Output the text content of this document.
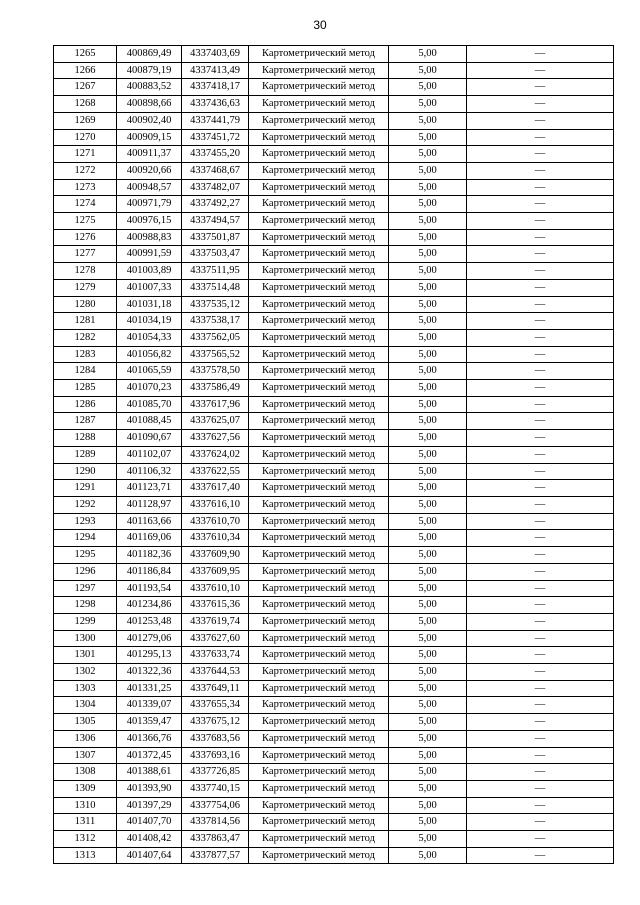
30
1265	400869,49	4337403,69	Картометрический метод	5,00	—
1266	400879,19	4337413,49	Картометрический метод	5,00	—
1267	400883,52	4337418,17	Картометрический метод	5,00	—
1268	400898,66	4337436,63	Картометрический метод	5,00	—
1269	400902,40	4337441,79	Картометрический метод	5,00	—
1270	400909,15	4337451,72	Картометрический метод	5,00	—
1271	400911,37	4337455,20	Картометрический метод	5,00	—
1272	400920,66	4337468,67	Картометрический метод	5,00	—
1273	400948,57	4337482,07	Картометрический метод	5,00	—
1274	400971,79	4337492,27	Картометрический метод	5,00	—
1275	400976,15	4337494,57	Картометрический метод	5,00	—
1276	400988,83	4337501,87	Картометрический метод	5,00	—
1277	400991,59	4337503,47	Картометрический метод	5,00	—
1278	401003,89	4337511,95	Картометрический метод	5,00	—
1279	401007,33	4337514,48	Картометрический метод	5,00	—
1280	401031,18	4337535,12	Картометрический метод	5,00	—
1281	401034,19	4337538,17	Картометрический метод	5,00	—
1282	401054,33	4337562,05	Картометрический метод	5,00	—
1283	401056,82	4337565,52	Картометрический метод	5,00	—
1284	401065,59	4337578,50	Картометрический метод	5,00	—
1285	401070,23	4337586,49	Картометрический метод	5,00	—
1286	401085,70	4337617,96	Картометрический метод	5,00	—
1287	401088,45	4337625,07	Картометрический метод	5,00	—
1288	401090,67	4337627,56	Картометрический метод	5,00	—
1289	401102,07	4337624,02	Картометрический метод	5,00	—
1290	401106,32	4337622,55	Картометрический метод	5,00	—
1291	401123,71	4337617,40	Картометрический метод	5,00	—
1292	401128,97	4337616,10	Картометрический метод	5,00	—
1293	401163,66	4337610,70	Картометрический метод	5,00	—
1294	401169,06	4337610,34	Картометрический метод	5,00	—
1295	401182,36	4337609,90	Картометрический метод	5,00	—
1296	401186,84	4337609,95	Картометрический метод	5,00	—
1297	401193,54	4337610,10	Картометрический метод	5,00	—
1298	401234,86	4337615,36	Картометрический метод	5,00	—
1299	401253,48	4337619,74	Картометрический метод	5,00	—
1300	401279,06	4337627,60	Картометрический метод	5,00	—
1301	401295,13	4337633,74	Картометрический метод	5,00	—
1302	401322,36	4337644,53	Картометрический метод	5,00	—
1303	401331,25	4337649,11	Картометрический метод	5,00	—
1304	401339,07	4337655,34	Картометрический метод	5,00	—
1305	401359,47	4337675,12	Картометрический метод	5,00	—
1306	401366,76	4337683,56	Картометрический метод	5,00	—
1307	401372,45	4337693,16	Картометрический метод	5,00	—
1308	401388,61	4337726,85	Картометрический метод	5,00	—
1309	401393,90	4337740,15	Картометрический метод	5,00	—
1310	401397,29	4337754,06	Картометрический метод	5,00	—
1311	401407,70	4337814,56	Картометрический метод	5,00	—
1312	401408,42	4337863,47	Картометрический метод	5,00	—
1313	401407,64	4337877,57	Картометрический метод	5,00	—
